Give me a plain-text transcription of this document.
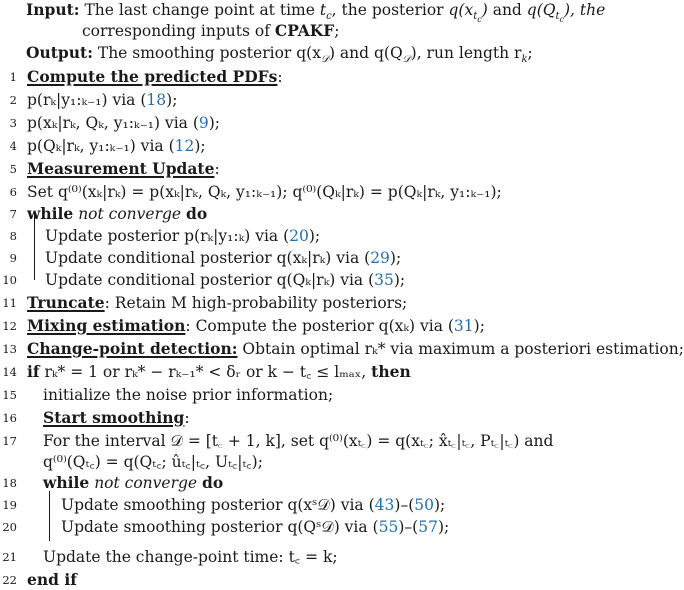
Input: The last change point at time $t_c$, the posterior $q(x_{t_c})$ and $q(Q_{t_c})$, the
corresponding inputs of CPAKF;
Output: The smoothing posterior $q(x_𝒟)$ and $q(Q_𝒟)$, run length $r_k$;
1 Compute the predicted PDFs:
2 p(rₖ|y₁:ₖ₋₁) via (18);
3 p(xₖ|rₖ, Qₖ, y₁:ₖ₋₁) via (9);
4 p(Qₖ|rₖ, y₁:ₖ₋₁) via (12);
5 Measurement Update:
6 Set q⁽⁰⁾(xₖ|rₖ) = p(xₖ|rₖ, Qₖ, y₁:ₖ₋₁); q⁽⁰⁾(Qₖ|rₖ) = p(Qₖ|rₖ, y₁:ₖ₋₁);
7 while not converge do
8 Update posterior p(rₖ|y₁:ₖ) via (20);
9 Update conditional posterior q(xₖ|rₖ) via (29);
10 Update conditional posterior q(Qₖ|rₖ) via (35);
11 Truncate: Retain M high-probability posteriors;
12 Mixing estimation: Compute the posterior q(xₖ) via (31);
13 Change-point detection: Obtain optimal rₖ* via maximum a posteriori estimation;
14 if rₖ* = 1 or rₖ* − rₖ₋₁* < δᵣ or k − t꜀ ≤ lₘₐₓ, then
15 initialize the noise prior information;
16 Start smoothing:
17 For the interval 𝒟 = [t꜀ + 1, k], set q⁽⁰⁾(xₜ꜀) = q(xₜ꜀; x̂ₜ꜀|ₜ꜀, Pₜ꜀|ₜ꜀) and
q⁽⁰⁾(Qₜ꜀) = q(Qₜ꜀; ûₜ꜀|ₜ꜀, Uₜ꜀|ₜ꜀);
18 while not converge do
19	Update smoothing posterior q(xˢ𝒟) via (43)–(50);
20	Update smoothing posterior q(Qˢ𝒟) via (55)–(57);
21 Update the change-point time: t꜀ = k;
22 end if
